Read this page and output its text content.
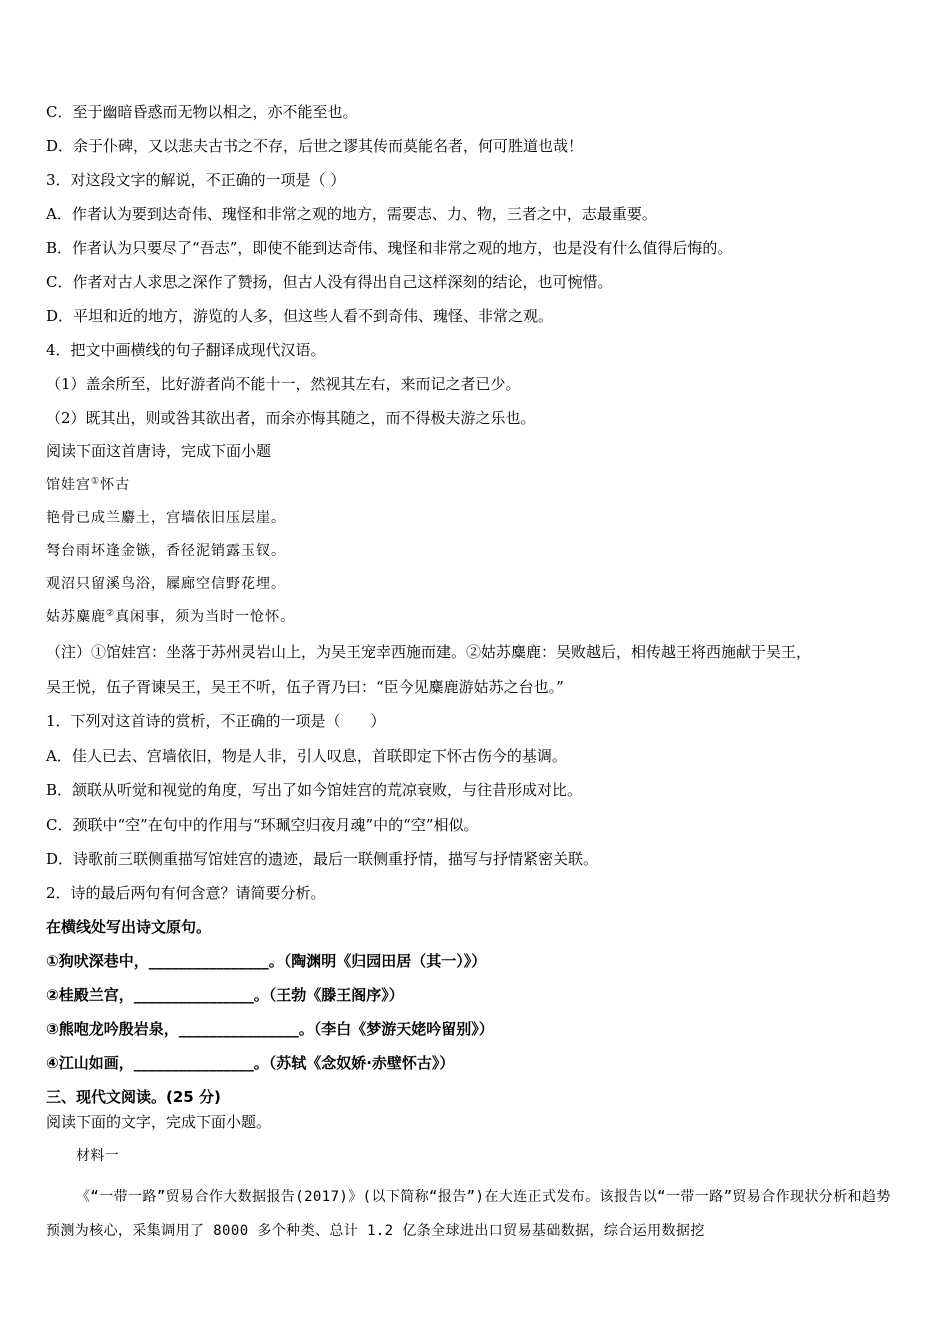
C．至于幽暗昏惑而无物以相之，亦不能至也。
D．余于仆碑，又以悲夫古书之不存，后世之谬其传而莫能名者，何可胜道也哉！
3．对这段文字的解说，不正确的一项是（ ）
A．作者认为要到达奇伟、瑰怪和非常之观的地方，需要志、力、物，三者之中，志最重要。
B．作者认为只要尽了“吾志”，即使不能到达奇伟、瑰怪和非常之观的地方，也是没有什么值得后悔的。
C．作者对古人求思之深作了赞扬，但古人没有得出自己这样深刻的结论，也可惋惜。
D．平坦和近的地方，游览的人多，但这些人看不到奇伟、瑰怪、非常之观。
4．把文中画横线的句子翻译成现代汉语。
（1）盖余所至，比好游者尚不能十一，然视其左右，来而记之者已少。
（2）既其出，则或咎其欲出者，而余亦悔其随之，而不得极夫游之乐也。
阅读下面这首唐诗，完成下面小题
馆娃宫①怀古
艳骨已成兰麝土，宫墙依旧压层崖。
弩台雨坏逢金镞，香径泥销露玉钗。
观沼只留溪鸟浴，屧廊空信野花埋。
姑苏麋鹿②真闲事，须为当时一怆怀。
（注）①馆娃宫：坐落于苏州灵岩山上，为吴王宠幸西施而建。②姑苏麋鹿：吴败越后，相传越王将西施献于吴王，
吴王悦，伍子胥谏吴王，吴王不听，伍子胥乃曰：“臣今见麋鹿游姑苏之台也。”
1．下列对这首诗的赏析，不正确的一项是（　　）
A．佳人已去、宫墙依旧，物是人非，引人叹息，首联即定下怀古伤今的基调。
B．颔联从听觉和视觉的角度，写出了如今馆娃宫的荒凉衰败，与往昔形成对比。
C．颈联中“空”在句中的作用与“环珮空归夜月魂”中的“空”相似。
D．诗歌前三联侧重描写馆娃宫的遗迹，最后一联侧重抒情，描写与抒情紧密关联。
2．诗的最后两句有何含意？请简要分析。
在横线处写出诗文原句。
①狗吠深巷中，________________。（陶渊明《归园田居（其一）》）
②桂殿兰宫，________________。（王勃《滕王阁序》）
③熊咆龙吟殷岩泉，________________。（李白《梦游天姥吟留别》）
④江山如画，________________。（苏轼《念奴娇·赤壁怀古》）
三、现代文阅读。(25 分)
阅读下面的文字，完成下面小题。
材料一
《“一带一路”贸易合作大数据报告(2017)》(以下简称“报告”)在大连正式发布。该报告以“一带一路”贸易合作现状分析和趋势预测为核心，采集调用了 8000 多个种类、总计 1.2 亿条全球进出口贸易基础数据，综合运用数据挖
